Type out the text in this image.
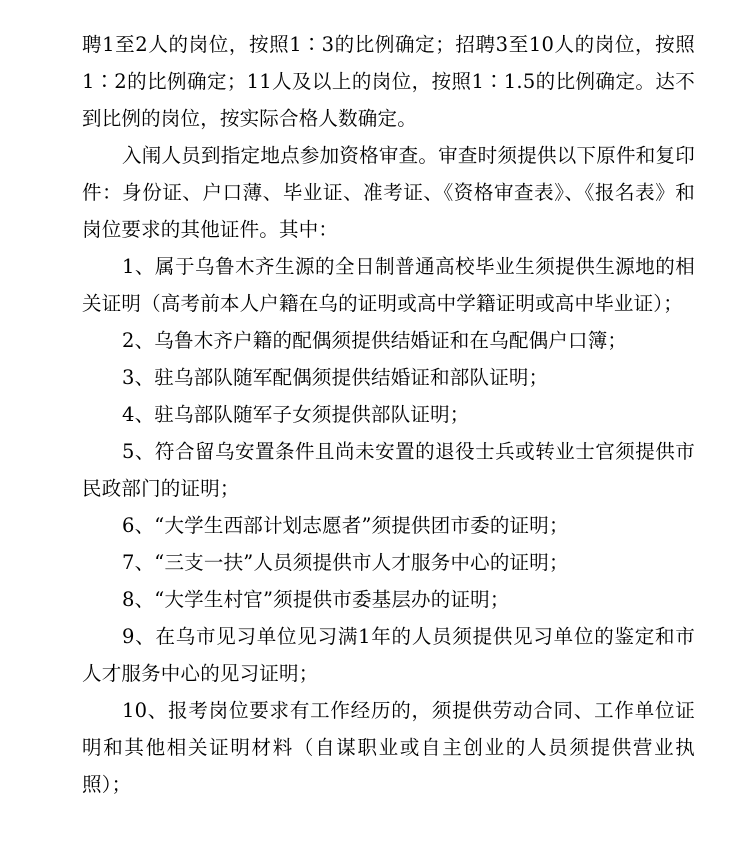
聘1至2人的岗位，按照1∶3的比例确定；招聘3至10人的岗位，按照1∶2的比例确定；11人及以上的岗位，按照1∶1.5的比例确定。达不到比例的岗位，按实际合格人数确定。

入闱人员到指定地点参加资格审查。审查时须提供以下原件和复印件：身份证、户口薄、毕业证、准考证、《资格审查表》、《报名表》和岗位要求的其他证件。其中：

1、属于乌鲁木齐生源的全日制普通高校毕业生须提供生源地的相关证明（高考前本人户籍在乌的证明或高中学籍证明或高中毕业证）；

2、乌鲁木齐户籍的配偶须提供结婚证和在乌配偶户口簿；

3、驻乌部队随军配偶须提供结婚证和部队证明；

4、驻乌部队随军子女须提供部队证明；

5、符合留乌安置条件且尚未安置的退役士兵或转业士官须提供市民政部门的证明；

6、“大学生西部计划志愿者”须提供团市委的证明；

7、“三支一扶”人员须提供市人才服务中心的证明；

8、“大学生村官”须提供市委基层办的证明；

9、在乌市见习单位见习满1年的人员须提供见习单位的鉴定和市人才服务中心的见习证明；

10、报考岗位要求有工作经历的，须提供劳动合同、工作单位证明和其他相关证明材料（自谋职业或自主创业的人员须提供营业执照）；
